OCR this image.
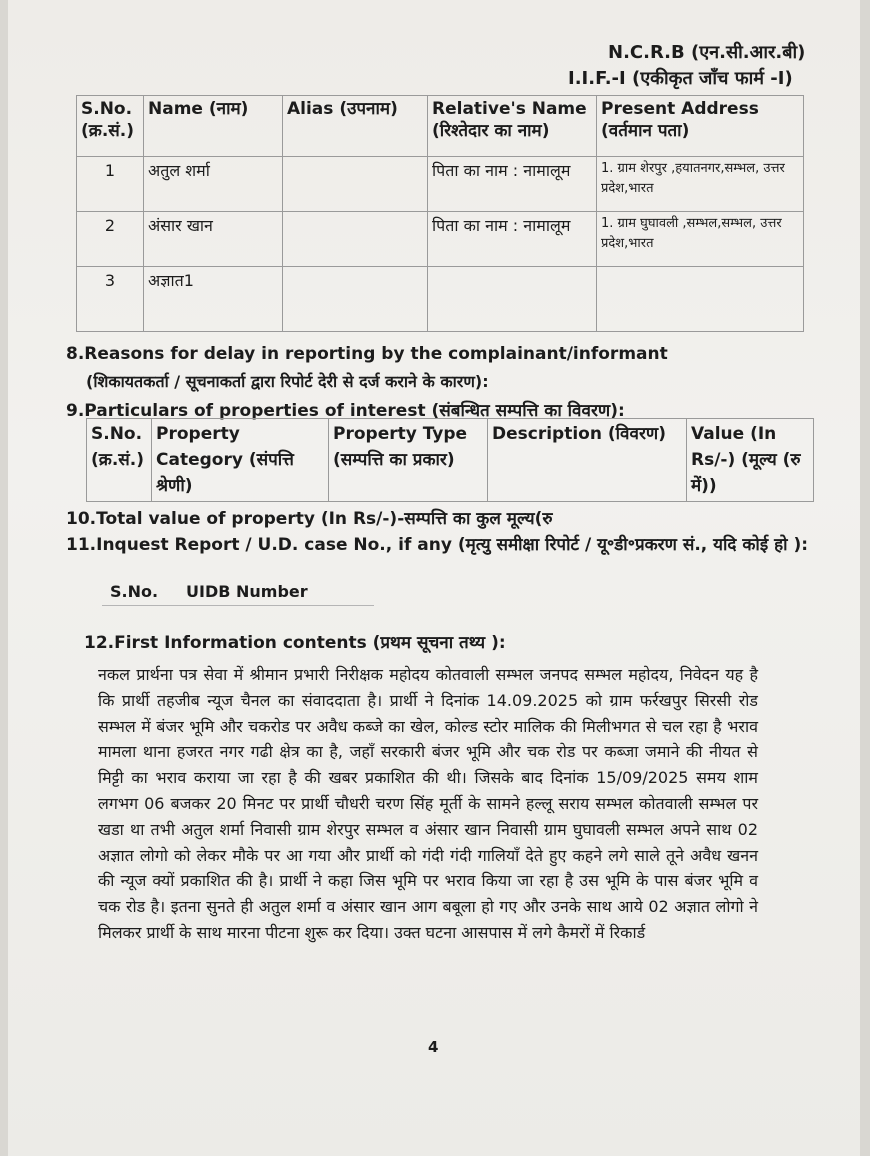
N.C.R.B (एन.सी.आर.बी)
I.I.F.-I (एकीकृत जाँच फार्म -I)
S.No. (क्र.सं.)	Name (नाम)	Alias (उपनाम)	Relative's Name (रिश्तेदार का नाम)	Present Address (वर्तमान पता)
1	अतुल शर्मा		पिता का नाम : नामालूम	1. ग्राम शेरपुर ,हयातनगर,सम्भल, उत्तर प्रदेश,भारत
2	अंसार खान		पिता का नाम : नामालूम	1. ग्राम घुघावली ,सम्भल,सम्भल, उत्तर प्रदेश,भारत
3	अज्ञात1			
8.Reasons for delay in reporting by the complainant/informant
(शिकायतकर्ता / सूचनाकर्ता द्वारा रिपोर्ट देरी से दर्ज कराने के कारण):
9.Particulars of properties of interest (संबन्धित सम्पत्ति का विवरण):
S.No. (क्र.सं.)	Property Category (संपत्ति श्रेणी)	Property Type (सम्पत्ति का प्रकार)	Description (विवरण)	Value (In Rs/-) (मूल्य (रु में))
10.Total value of property (In Rs/-)-सम्पत्ति का कुल मूल्य(रु
11.Inquest Report / U.D. case No., if any (मृत्यु समीक्षा रिपोर्ट / यू॰डी॰प्रकरण सं., यदि कोई हो ):
S.No.	UIDB Number
12.First Information contents (प्रथम सूचना तथ्य ):
नकल प्रार्थना पत्र सेवा में श्रीमान प्रभारी निरीक्षक महोदय कोतवाली सम्भल जनपद सम्भल महोदय, निवेदन यह है कि प्रार्थी तहजीब न्यूज चैनल का संवाददाता है। प्रार्थी ने दिनांक 14.09.2025 को ग्राम फर्रखपुर सिरसी रोड सम्भल में बंजर भूमि और चकरोड पर अवैध कब्जे का खेल, कोल्ड स्टोर मालिक की मिलीभगत से चल रहा है भराव मामला थाना हजरत नगर गढी क्षेत्र का है, जहाँ सरकारी बंजर भूमि और चक रोड पर कब्जा जमाने की नीयत से मिट्टी का भराव कराया जा रहा है की खबर प्रकाशित की थी। जिसके बाद दिनांक 15/09/2025 समय शाम लगभग 06 बजकर 20 मिनट पर प्रार्थी चौधरी चरण सिंह मूर्ती के सामने हल्लू सराय सम्भल कोतवाली सम्भल पर खडा था तभी अतुल शर्मा निवासी ग्राम शेरपुर सम्भल व अंसार खान निवासी ग्राम घुघावली सम्भल अपने साथ 02 अज्ञात लोगो को लेकर मौके पर आ गया और प्रार्थी को गंदी गंदी गालियाँ देते हुए कहने लगे साले तूने अवैध खनन की न्यूज क्यों प्रकाशित की है। प्रार्थी ने कहा जिस भूमि पर भराव किया जा रहा है उस भूमि के पास बंजर भूमि व चक रोड है। इतना सुनते ही अतुल शर्मा व अंसार खान आग बबूला हो गए और उनके साथ आये 02 अज्ञात लोगो ने मिलकर प्रार्थी के साथ मारना पीटना शुरू कर दिया। उक्त घटना आसपास में लगे कैमरों में रिकार्ड
4
